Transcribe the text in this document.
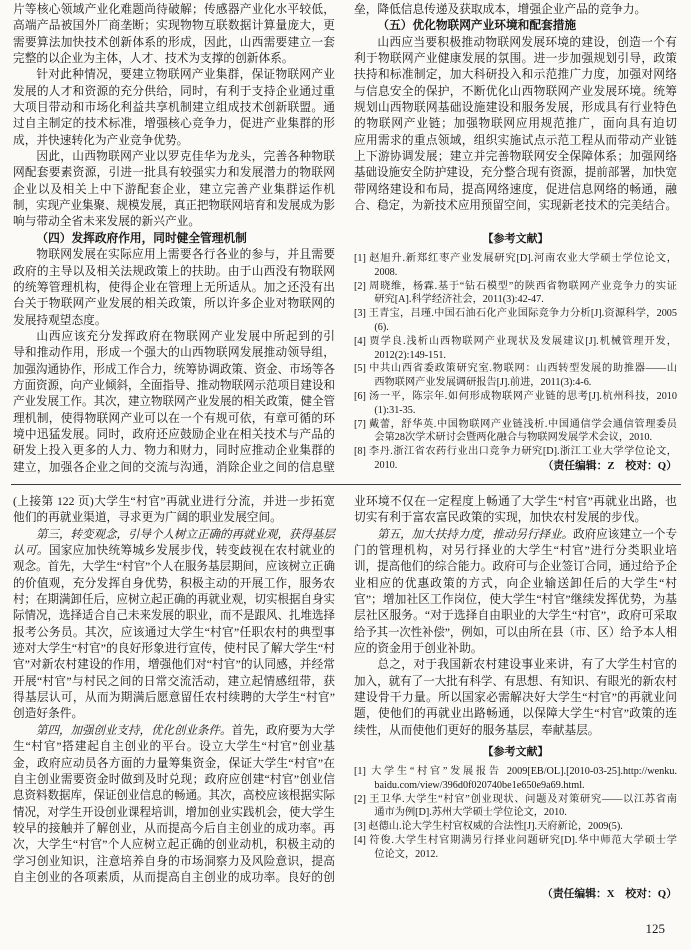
片等核心领域产业化难题尚待破解；传感器产业化水平较低，
高端产品被国外厂商垄断；实现物物互联数据计算量庞大，更
需要算法加快技术创新体系的形成，因此，山西需要建立一套
完整的以企业为主体，人才、技术为支撑的创新体系。
针对此种情况，要建立物联网产业集群，保证物联网产业
发展的人才和资源的充分供给，同时，有利于支持企业通过重
大项目带动和市场化利益共享机制建立组成技术创新联盟。通
过自主制定的技术标准，增强核心竞争力，促进产业集群的形
成，并快速转化为产业竞争优势。
因此，山西物联网产业以罗克佳华为龙头，完善各种物联
网配套要素资源，引进一批具有较强实力和发展潜力的物联网
企业以及相关上中下游配套企业，建立完善产业集群运作机
制，实现产业集聚、规模发展，真正把物联网培育和发展成为影
响与带动全省未来发展的新兴产业。
（四）发挥政府作用，同时健全管理机制
物联网发展在实际应用上需要各行各业的参与，并且需要
政府的主导以及相关法规政策上的扶助。由于山西没有物联网
的统筹管理机构，使得企业在管理上无所适从。加之还没有出
台关于物联网产业发展的相关政策，所以许多企业对物联网的
发展持观望态度。
山西应该充分发挥政府在物联网产业发展中所起到的引
导和推动作用，形成一个强大的山西物联网发展推动领导组，
加强沟通协作，形成工作合力，统筹协调政策、资金、市场等各
方面资源，向产业倾斜，全面指导、推动物联网示范项目建设和
产业发展工作。其次，建立物联网产业发展的相关政策，健全管
理机制，使得物联网产业可以在一个有规可依，有章可循的环
境中迅猛发展。同时，政府还应鼓励企业在相关技术与产品的
研发上投入更多的人力、物力和财力，同时应推动企业集群的
建立，加强各企业之间的交流与沟通，消除企业之间的信息壁
垒，降低信息传递及获取成本，增强企业产品的竞争力。
（五）优化物联网产业环境和配套措施
山西应当要积极推动物联网发展环境的建设，创造一个有
利于物联网产业健康发展的氛围。进一步加强规划引导，政策
扶持和标准制定，加大科研投入和示范推广力度，加强对网络
与信息安全的保护，不断优化山西物联网产业发展环境。统筹
规划山西物联网基础设施建设和服务发展，形成具有行业特色
的物联网产业链；加强物联网应用规范推广，面向具有迫切
应用需求的重点领域，组织实施试点示范工程从而带动产业链
上下游协调发展；建立并完善物联网安全保障体系；加强网络
基础设施安全防护建设，充分整合现有资源，提前部署，加快宽
带网络建设和布局，提高网络速度，促进信息网络的畅通，融
合、稳定，为新技术应用预留空间，实现新老技术的完美结合。
【参考文献】
[1] 赵旭升.新郑红枣产业发展研究[D].河南农业大学硕士学位论文，
2008.
[2] 周晓维，杨霖.基于“钻石模型”的陕西省物联网产业竞争力的实证
研究[A].科学经济社会，2011(3):42-47.
[3] 王青宝，吕瑾.中国石油石化产业国际竞争力分析[J].资源科学，2005
(6).
[4] 贾学良.浅析山西物联网产业现状及发展建议[J].机械管理开发，
2012(2):149-151.
[5] 中共山西省委政策研究室.物联网：山西转型发展的助推器——山
西物联网产业发展调研报告[J].前进，2011(3):4-6.
[6] 汤一平，陈宗年.如何形成物联网产业链的思考[J].杭州科技，2010
(1):31-35.
[7] 戴蕾，舒华英.中国物联网产业链浅析.中国通信学会通信管理委员
会第28次学术研讨会暨两化融合与物联网发展学术会议，2010.
[8] 李丹.浙江省农药行业出口竞争力研究[D].浙江工业大学学位论文，
2010.	（责任编辑：Z　校对：Q）
(上接第 122 页)大学生“村官”再就业进行分流，并进一步拓宽
他们的再就业渠道，寻求更为广阔的职业发展空间。
第三，转变观念，引导个人树立正确的再就业观，获得基层
认可。国家应加快统筹城乡发展步伐，转变歧视在农村就业的
观念。首先，大学生“村官”个人在服务基层期间，应该树立正确
的价值观，充分发挥自身优势，积极主动的开展工作，服务农
村；在期满卸任后，应树立起正确的再就业观，切实根据自身实
际情况，选择适合自己未来发展的职业，而不是跟风、扎堆选择
报考公务员。其次，应该通过大学生“村官”任职农村的典型事
迹对大学生“村官”的良好形象进行宣传，使村民了解大学生“村
官”对新农村建设的作用，增强他们对“村官”的认同感，并经常
开展“村官”与村民之间的日常交流活动，建立起情感纽带，获
得基层认可，从而为期满后愿意留任农村续聘的大学生“村官”
创造好条件。
第四，加强创业支持，优化创业条件。首先，政府要为大学
生“村官”搭建起自主创业的平台。设立大学生“村官”创业基
金，政府应动员各方面的力量筹集资金，保证大学生“村官”在
自主创业需要资金时做到及时兑现；政府应创建“村官”创业信
息资料数据库，保证创业信息的畅通。其次，高校应该根据实际
情况，对学生开设创业课程培训，增加创业实践机会，使大学生
较早的接触并了解创业，从而提高今后自主创业的成功率。再
次，大学生“村官”个人应树立起正确的创业动机，积极主动的
学习创业知识，注意培养自身的市场洞察力及风险意识，提高
自主创业的各项素质，从而提高自主创业的成功率。良好的创
业环境不仅在一定程度上畅通了大学生“村官”再就业出路，也
切实有利于富农富民政策的实现，加快农村发展的步伐。
第五，加大扶持力度，推动另行择业。政府应该建立一个专
门的管理机构，对另行择业的大学生“村官”进行分类职业培
训，提高他们的综合能力。政府可与企业签订合同，通过给予企
业相应的优惠政策的方式，向企业输送卸任后的大学生“村
官”；增加社区工作岗位，使大学生“村官”继续发挥优势，为基
层社区服务。“对于选择自由职业的大学生“村官”，政府可采取
给予其一次性补偿”，例如，可以由所在县（市、区）给予本人相
应的资金用于创业补助。
总之，对于我国新农村建设事业来讲，有了大学生村官的
加入，就有了一大批有科学、有思想、有知识、有眼光的新农村
建设骨干力量。所以国家必需解决好大学生“村官”的再就业问
题，使他们的再就业出路畅通，以保障大学生“村官”政策的连
续性，从而使他们更好的服务基层，奉献基层。
【参考文献】
[1] 大学生“村官”发展报告 2009[EB/OL].[2010-03-25].http://wenku.
baidu.com/view/396d0f020740be1e650e9a69.html.
[2] 王卫华.大学生“村官”创业现状、问题及对策研究——以江苏省南
通市为例[D].苏州大学硕士学位论文，2010.
[3] 赵德山.论大学生村官权威的合法性[J].天府新论，2009(5).
[4] 符俊.大学生村官期满另行择业问题研究[D].华中师范大学硕士学
位论文，2012.
（责任编辑：X　校对：Q）
125
